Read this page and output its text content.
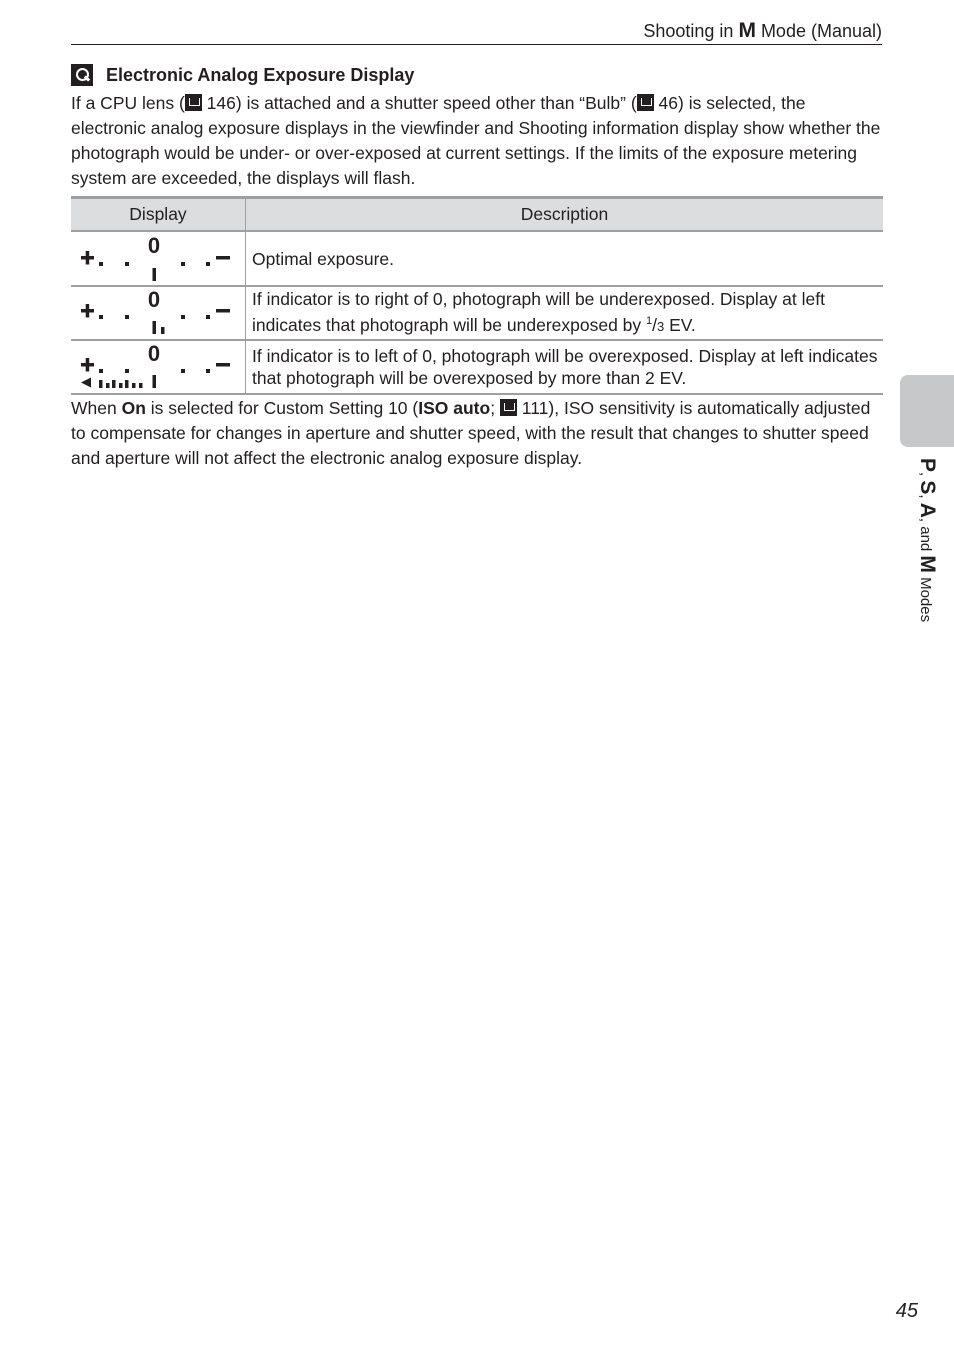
Shooting in M Mode (Manual)
Electronic Analog Exposure Display

If a CPU lens ( 146) is attached and a shutter speed other than “Bulb” ( 46) is selected, the electronic analog exposure displays in the viewfinder and Shooting information display show whether the photograph would be under- or over-exposed at current settings. If the limits of the exposure metering system are exceeded, the displays will flash.

Display	Description

0	Optimal exposure.

0	If indicator is to right of 0, photograph will be underexposed. Display at left indicates that photograph will be underexposed by $^1$/3 EV.

0	If indicator is to left of 0, photograph will be overexposed. Display at left indicates that photograph will be overexposed by more than 2 EV.

When On is selected for Custom Setting 10 (ISO auto;  111), ISO sensitivity is automatically adjusted to compensate for changes in aperture and shutter speed, with the result that changes to shutter speed and aperture will not affect the electronic analog exposure display.	P, S, A, and M Modes
45
